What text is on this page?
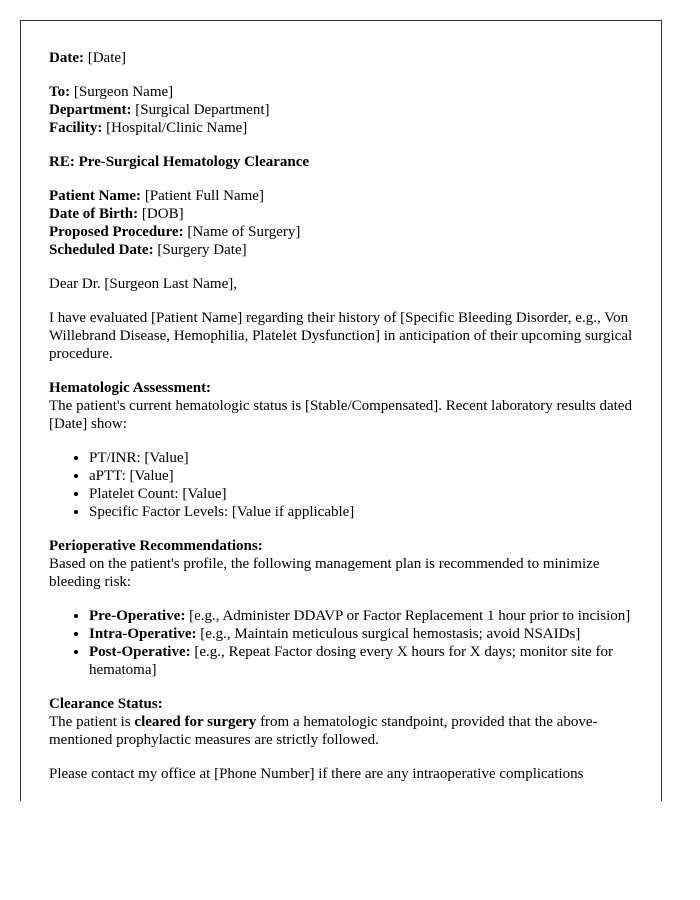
Date: [Date]

To: [Surgeon Name]
Department: [Surgical Department]
Facility: [Hospital/Clinic Name]

RE: Pre-Surgical Hematology Clearance

Patient Name: [Patient Full Name]
Date of Birth: [DOB]
Proposed Procedure: [Name of Surgery]
Scheduled Date: [Surgery Date]

Dear Dr. [Surgeon Last Name],

I have evaluated [Patient Name] regarding their history of [Specific Bleeding Disorder, e.g., Von Willebrand Disease, Hemophilia, Platelet Dysfunction] in anticipation of their upcoming surgical procedure.

Hematologic Assessment:
The patient's current hematologic status is [Stable/Compensated]. Recent laboratory results dated [Date] show:
• PT/INR: [Value]
• aPTT: [Value]
• Platelet Count: [Value]
• Specific Factor Levels: [Value if applicable]
Perioperative Recommendations:
Based on the patient's profile, the following management plan is recommended to minimize bleeding risk:
• Pre-Operative: [e.g., Administer DDAVP or Factor Replacement 1 hour prior to incision]
• Intra-Operative: [e.g., Maintain meticulous surgical hemostasis; avoid NSAIDs]
• Post-Operative: [e.g., Repeat Factor dosing every X hours for X days; monitor site for hematoma]

Clearance Status:
The patient is cleared for surgery from a hematologic standpoint, provided that the above-mentioned prophylactic measures are strictly followed.

Please contact my office at [Phone Number] if there are any intraoperative complications
